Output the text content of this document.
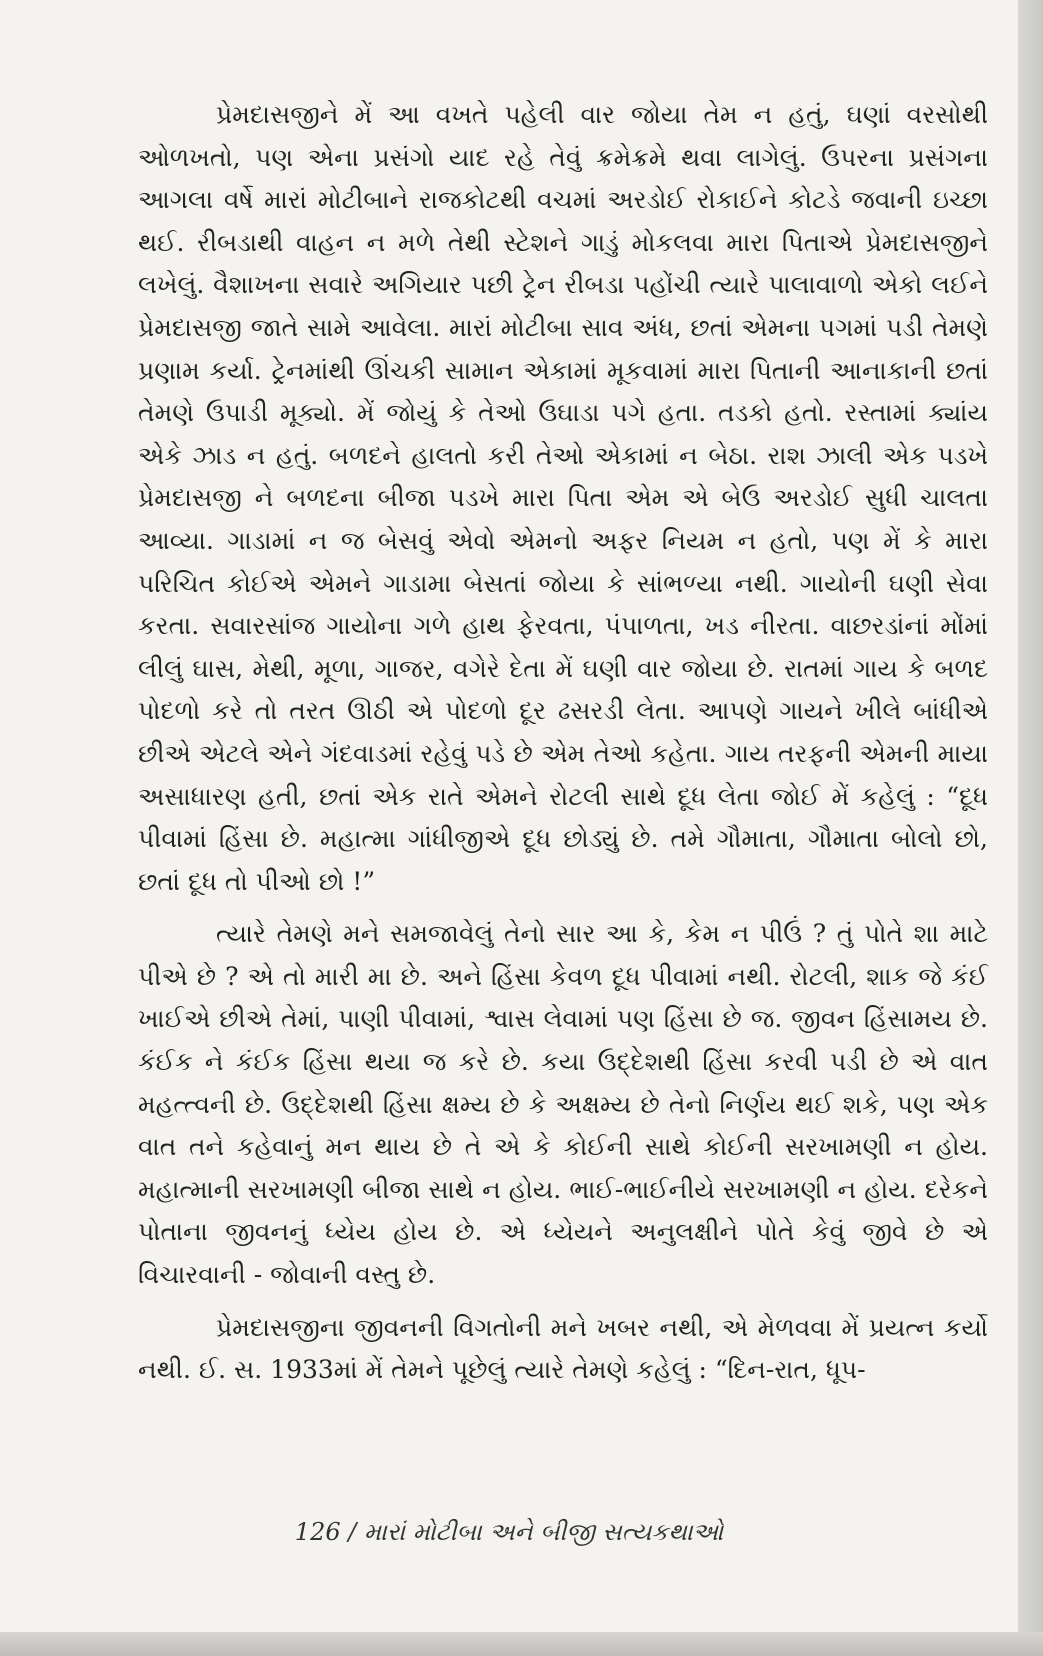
પ્રેમદાસજીને મેં આ વખતે પહેલી વાર જોયા તેમ ન હતું, ઘણાં વરસોથી ઓળખતો, પણ એના પ્રસંગો યાદ રહે તેવું ક્રમેક્રમે થવા લાગેલું. ઉપરના પ્રસંગના આગલા વર્ષે મારાં મોટીબાને રાજકોટથી વચમાં અરડોઈ રોકાઈને કોટડે જવાની ઇચ્છા થઈ. રીબડાથી વાહન ન મળે તેથી સ્ટેશને ગાડું મોકલવા મારા પિતાએ પ્રેમદાસજીને લખેલું. વૈશાખના સવારે અગિયાર પછી ટ્રેન રીબડા પહોંચી ત્યારે પાલાવાળો એકો લઈને પ્રેમદાસજી જાતે સામે આવેલા. મારાં મોટીબા સાવ અંધ, છતાં એમના પગમાં પડી તેમણે પ્રણામ કર્યા. ટ્રેનમાંથી ઊંચકી સામાન એકામાં મૂકવામાં મારા પિતાની આનાકાની છતાં તેમણે ઉપાડી મૂક્યો. મેં જોયું કે તેઓ ઉઘાડા પગે હતા. તડકો હતો. રસ્તામાં ક્યાંય એકે ઝાડ ન હતું. બળદને હાલતો કરી તેઓ એકામાં ન બેઠા. રાશ ઝાલી એક પડખે પ્રેમદાસજી ને બળદના બીજા પડખે મારા પિતા એમ એ બેઉ અરડોઈ સુધી ચાલતા આવ્યા. ગાડામાં ન જ બેસવું એવો એમનો અફર નિયમ ન હતો, પણ મેં કે મારા પરિચિત કોઈએ એમને ગાડામા બેસતાં જોયા કે સાંભળ્યા નથી. ગાયોની ઘણી સેવા કરતા. સવારસાંજ ગાયોના ગળે હાથ ફેરવતા, પંપાળતા, ખડ નીરતા. વાછરડાંનાં મોંમાં લીલું ઘાસ, મેથી, મૂળા, ગાજર, વગેરે દેતા મેં ઘણી વાર જોયા છે. રાતમાં ગાય કે બળદ પોદળો કરે તો તરત ઊઠી એ પોદળો દૂર ઢસરડી લેતા. આપણે ગાયને ખીલે બાંધીએ છીએ એટલે એને ગંદવાડમાં રહેવું પડે છે એમ તેઓ કહેતા. ગાય તરફની એમની માયા અસાધારણ હતી, છતાં એક રાતે એમને રોટલી સાથે દૂધ લેતા જોઈ મેં કહેલું : “દૂધ પીવામાં હિંસા છે. મહાત્મા ગાંધીજીએ દૂધ છોડ્યું છે. તમે ગૌમાતા, ગૌમાતા બોલો છો, છતાં દૂધ તો પીઓ છો !”

ત્યારે તેમણે મને સમજાવેલું તેનો સાર આ કે, કેમ ન પીઉં ? તું પોતે શા માટે પીએ છે ? એ તો મારી મા છે. અને હિંસા કેવળ દૂધ પીવામાં નથી. રોટલી, શાક જે કંઈ ખાઈએ છીએ તેમાં, પાણી પીવામાં, શ્વાસ લેવામાં પણ હિંસા છે જ. જીવન હિંસામય છે. કંઈક ને કંઈક હિંસા થયા જ કરે છે. કયા ઉદ્દેશથી હિંસા કરવી પડી છે એ વાત મહત્ત્વની છે. ઉદ્દેશથી હિંસા ક્ષમ્ય છે કે અક્ષમ્ય છે તેનો નિર્ણય થઈ શકે, પણ એક વાત તને કહેવાનું મન થાય છે તે એ કે કોઈની સાથે કોઈની સરખામણી ન હોય. મહાત્માની સરખામણી બીજા સાથે ન હોય. ભાઈ-ભાઈનીયે સરખામણી ન હોય. દરેકને પોતાના જીવનનું ધ્યેય હોય છે. એ ધ્યેયને અનુલક્ષીને પોતે કેવું જીવે છે એ વિચારવાની - જોવાની વસ્તુ છે.

પ્રેમદાસજીના જીવનની વિગતોની મને ખબર નથી, એ મેળવવા મેં પ્રયત્ન કર્યો નથી. ઈ. સ. 1933માં મેં તેમને પૂછેલું ત્યારે તેમણે કહેલું : “દિન-રાત, ધૂપ-

126 / મારાં મોટીબા અને બીજી સત્યકથાઓ
